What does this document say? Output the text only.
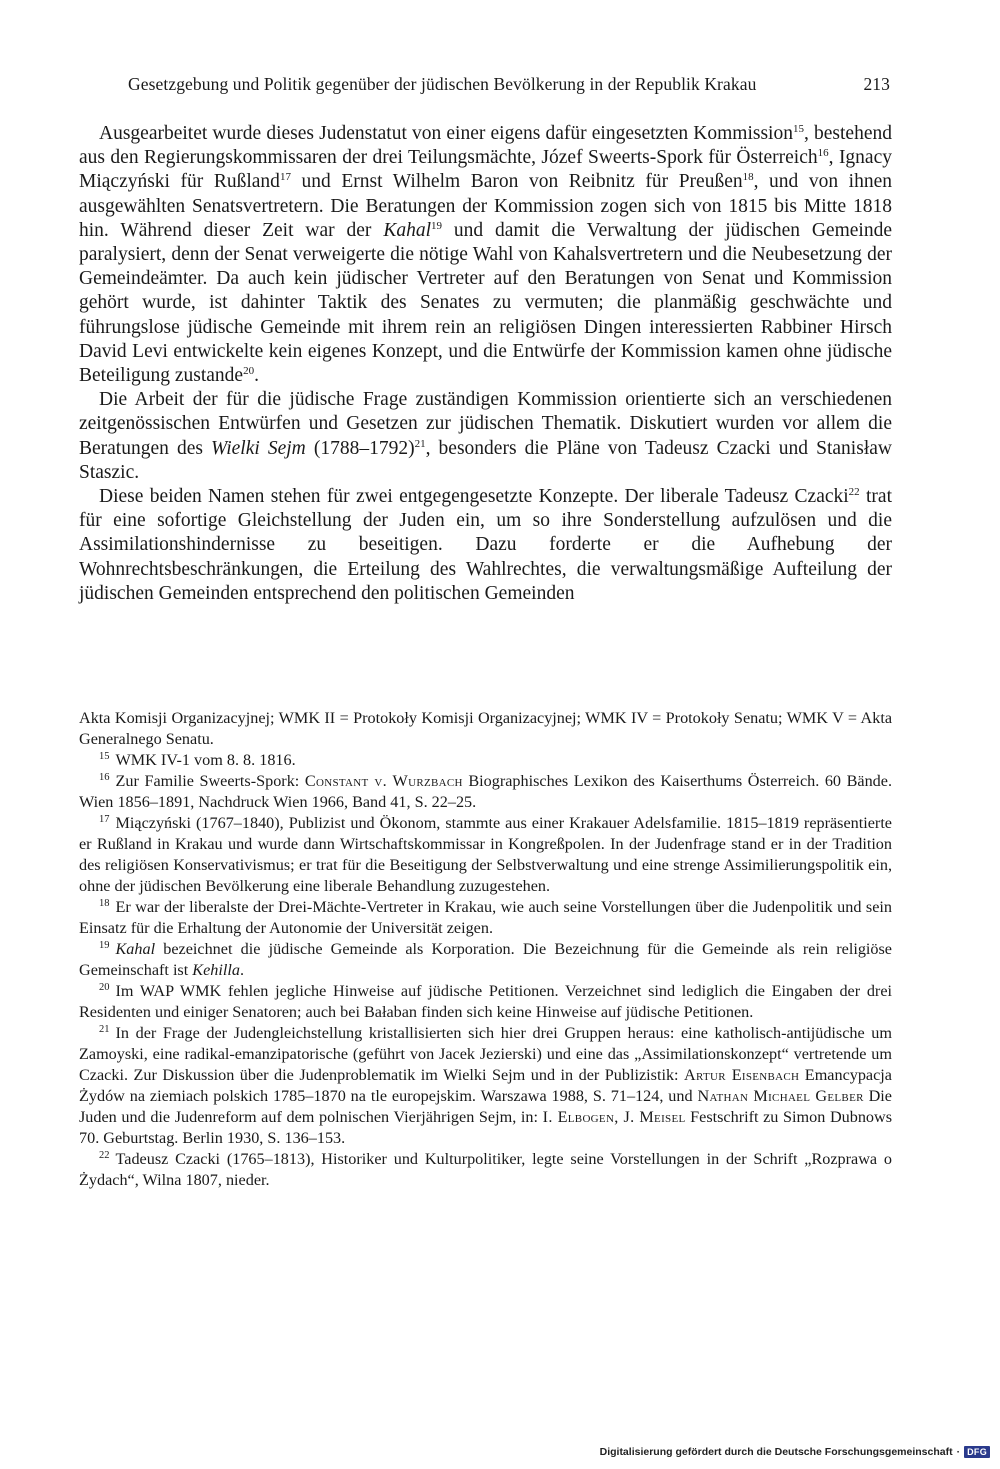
Gesetzgebung und Politik gegenüber der jüdischen Bevölkerung in der Republik Krakau	213

Ausgearbeitet wurde dieses Judenstatut von einer eigens dafür eingesetzten Kommission$^{15}$, bestehend aus den Regierungskommissaren der drei Teilungsmächte, Józef Sweerts-Spork für Österreich$^{16}$, Ignacy Miączyński für Rußland$^{17}$ und Ernst Wilhelm Baron von Reibnitz für Preußen$^{18}$, und von ihnen ausgewählten Senatsvertretern. Die Beratungen der Kommission zogen sich von 1815 bis Mitte 1818 hin. Während dieser Zeit war der Kahal$^{19}$ und damit die Verwaltung der jüdischen Gemeinde paralysiert, denn der Senat verweigerte die nötige Wahl von Kahalsvertretern und die Neubesetzung der Gemeindeämter. Da auch kein jüdischer Vertreter auf den Beratungen von Senat und Kommission gehört wurde, ist dahinter Taktik des Senates zu vermuten; die planmäßig geschwächte und führungslose jüdische Gemeinde mit ihrem rein an religiösen Dingen interessierten Rabbiner Hirsch David Levi entwickelte kein eigenes Konzept, und die Entwürfe der Kommission kamen ohne jüdische Beteiligung zustande$^{20}$.

Die Arbeit der für die jüdische Frage zuständigen Kommission orientierte sich an verschiedenen zeitgenössischen Entwürfen und Gesetzen zur jüdischen Thematik. Diskutiert wurden vor allem die Beratungen des Wielki Sejm (1788–1792)$^{21}$, besonders die Pläne von Tadeusz Czacki und Stanisław Staszic.

Diese beiden Namen stehen für zwei entgegengesetzte Konzepte. Der liberale Tadeusz Czacki$^{22}$ trat für eine sofortige Gleichstellung der Juden ein, um so ihre Sonderstellung aufzulösen und die Assimilationshindernisse zu beseitigen. Dazu forderte er die Aufhebung der Wohnrechtsbeschränkungen, die Erteilung des Wahlrechtes, die verwaltungsmäßige Aufteilung der jüdischen Gemeinden entsprechend den politischen Gemeinden

Akta Komisji Organizacyjnej; WMK II = Protokoły Komisji Organizacyjnej; WMK IV = Protokoły Senatu; WMK V = Akta Generalnego Senatu.

$^{15}$ WMK IV-1 vom 8. 8. 1816.

$^{16}$ Zur Familie Sweerts-Spork: Constant v. Wurzbach Biographisches Lexikon des Kaiserthums Österreich. 60 Bände. Wien 1856–1891, Nachdruck Wien 1966, Band 41, S. 22–25.

$^{17}$ Miączyński (1767–1840), Publizist und Ökonom, stammte aus einer Krakauer Adelsfamilie. 1815–1819 repräsentierte er Rußland in Krakau und wurde dann Wirtschaftskommissar in Kongreßpolen. In der Judenfrage stand er in der Tradition des religiösen Konservativismus; er trat für die Beseitigung der Selbstverwaltung und eine strenge Assimilierungspolitik ein, ohne der jüdischen Bevölkerung eine liberale Behandlung zuzugestehen.

$^{18}$ Er war der liberalste der Drei-Mächte-Vertreter in Krakau, wie auch seine Vorstellungen über die Judenpolitik und sein Einsatz für die Erhaltung der Autonomie der Universität zeigen.

$^{19}$ Kahal bezeichnet die jüdische Gemeinde als Korporation. Die Bezeichnung für die Gemeinde als rein religiöse Gemeinschaft ist Kehilla.

$^{20}$ Im WAP WMK fehlen jegliche Hinweise auf jüdische Petitionen. Verzeichnet sind lediglich die Eingaben der drei Residenten und einiger Senatoren; auch bei Bałaban finden sich keine Hinweise auf jüdische Petitionen.

$^{21}$ In der Frage der Judengleichstellung kristallisierten sich hier drei Gruppen heraus: eine katholisch-antijüdische um Zamoyski, eine radikal-emanzipatorische (geführt von Jacek Jezierski) und eine das „Assimilationskonzept“ vertretende um Czacki. Zur Diskussion über die Judenproblematik im Wielki Sejm und in der Publizistik: Artur Eisenbach Emancypacja Żydów na ziemiach polskich 1785–1870 na tle europejskim. Warszawa 1988, S. 71–124, und Nathan Michael Gelber Die Juden und die Judenreform auf dem polnischen Vierjährigen Sejm, in: I. Elbogen, J. Meisel Festschrift zu Simon Dubnows 70. Geburtstag. Berlin 1930, S. 136–153.

$^{22}$ Tadeusz Czacki (1765–1813), Historiker und Kulturpolitiker, legte seine Vorstellungen in der Schrift „Rozprawa o Żydach“, Wilna 1807, nieder.

Digitalisierung gefördert durch die Deutsche Forschungsgemeinschaft · DFG
